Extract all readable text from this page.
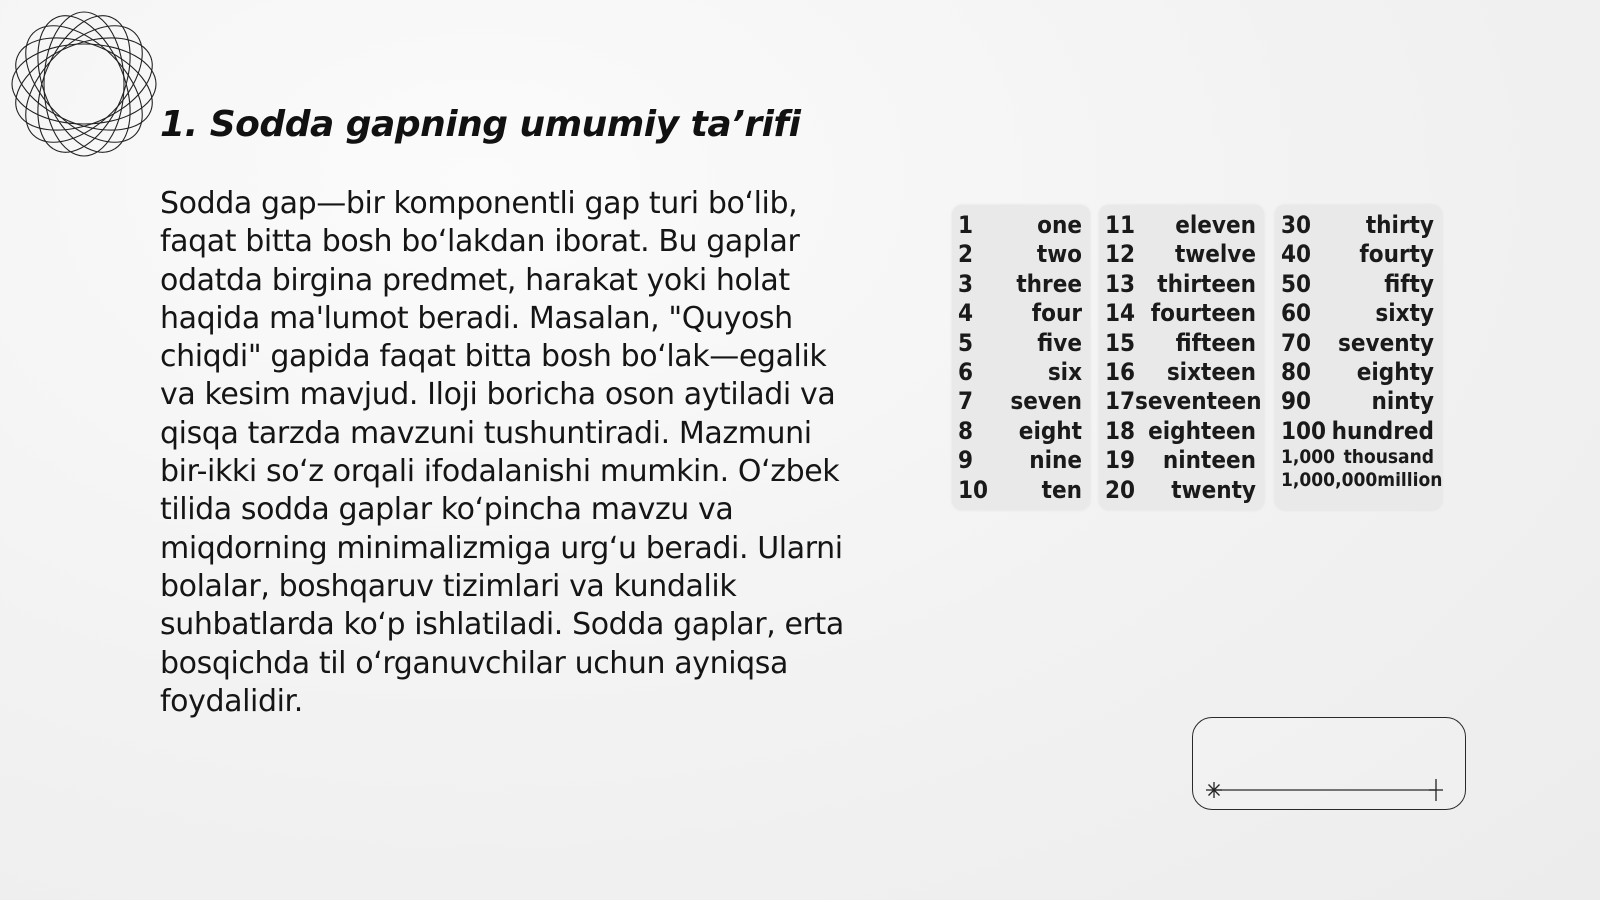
1. Sodda gapning umumiy ta’rifi

Sodda gap—bir komponentli gap turi bo‘lib, faqat bitta bosh bo‘lakdan iborat. Bu gaplar odatda birgina predmet, harakat yoki holat haqida ma'lumot beradi. Masalan, "Quyosh chiqdi" gapida faqat bitta bosh bo‘lak—egalik va kesim mavjud. Iloji boricha oson aytiladi va qisqa tarzda mavzuni tushuntiradi. Mazmuni bir-ikki so‘z orqali ifodalanishi mumkin. O‘zbek tilida sodda gaplar ko‘pincha mavzu va miqdorning minimalizmiga urg‘u beradi. Ularni bolalar, boshqaruv tizimlari va kundalik suhbatlarda ko‘p ishlatiladi. Sodda gaplar, erta bosqichda til o‘rganuvchilar uchun ayniqsa foydalidir.

1	one
2	two
3 three
4 four
5	five
6	six
7 seven
8 eight
9 nine
10 ten
11 eleven
12 twelve
13 thirteen
14 fourteen
15 fifteen
16 sixteen
17 seventeen
18 eighteen
19 ninteen
20 twenty
30 thirty
40 fourty
50	fifty
60	sixty
70 seventy
80 eighty
90	ninty
100 hundred
1,000 thousand
1,000,000 million
